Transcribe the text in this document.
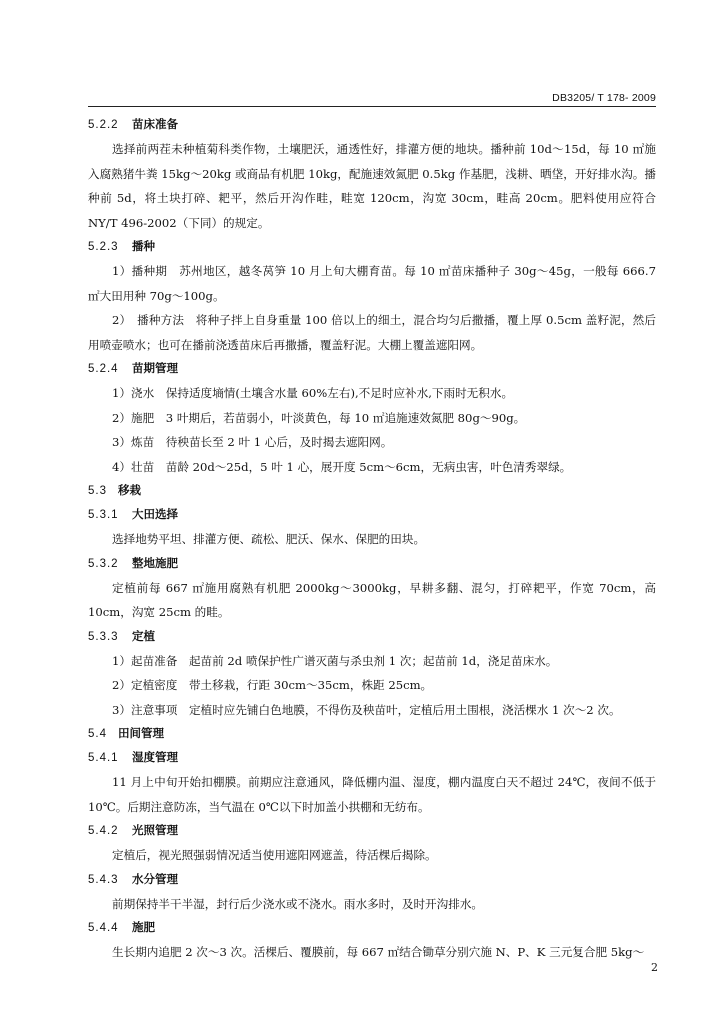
DB3205/ T 178- 2009
5.2.2	苗床准备

选择前两茬未种植菊科类作物，土壤肥沃，通透性好，排灌方便的地块。播种前 10d～15d，每 10 ㎡施入腐熟猪牛粪 15kg～20kg 或商品有机肥 10kg，配施速效氮肥 0.5kg 作基肥，浅耕、晒垡，开好排水沟。播种前 5d，将土块打碎、耙平，然后开沟作畦，畦宽 120cm，沟宽 30cm，畦高 20cm。肥料使用应符合 NY/T 496-2002（下同）的规定。

5.2.3	播种

1）播种期　苏州地区，越冬莴笋 10 月上旬大棚育苗。每 10 ㎡苗床播种子 30g～45g，一般每 666.7 ㎡大田用种 70g～100g。

2）　播种方法　将种子拌上自身重量 100 倍以上的细土，混合均匀后撒播，覆上厚 0.5cm 盖籽泥，然后用喷壶喷水；也可在播前浇透苗床后再撒播，覆盖籽泥。大棚上覆盖遮阳网。

5.2.4	苗期管理

1）浇水　保持适度墒情(土壤含水量 60%左右),不足时应补水,下雨时无积水。

2）施肥　3 叶期后，若苗弱小，叶淡黄色，每 10 ㎡追施速效氮肥 80g～90g。

3）炼苗　待秧苗长至 2 叶 1 心后，及时揭去遮阳网。

4）壮苗　苗龄 20d～25d，5 叶 1 心，展开度 5cm～6cm，无病虫害，叶色清秀翠绿。

5.3 移栽
5.3.1	大田选择

选择地势平坦、排灌方便、疏松、肥沃、保水、保肥的田块。

5.3.2	整地施肥

定植前每 667 ㎡施用腐熟有机肥 2000kg～3000kg，早耕多翻、混匀，打碎耙平，作宽 70cm，高 10cm，沟宽 25cm 的畦。

5.3.3	定植

1）起苗准备　起苗前 2d 喷保护性广谱灭菌与杀虫剂 1 次；起苗前 1d，浇足苗床水。

2）定植密度　带土移栽，行距 30cm～35cm，株距 25cm。

3）注意事项　定植时应先铺白色地膜，不得伤及秧苗叶，定植后用土围根，浇活棵水 1 次～2 次。

5.4 田间管理
5.4.1	湿度管理

11 月上中旬开始扣棚膜。前期应注意通风，降低棚内温、湿度，棚内温度白天不超过 24℃，夜间不低于 10℃。后期注意防冻，当气温在 0℃以下时加盖小拱棚和无纺布。

5.4.2	光照管理

定植后，视光照强弱情况适当使用遮阳网遮盖，待活棵后揭除。

5.4.3	水分管理

前期保持半干半湿，封行后少浇水或不浇水。雨水多时，及时开沟排水。

5.4.4	施肥

生长期内追肥 2 次～3 次。活棵后、覆膜前，每 667 ㎡结合锄草分别穴施 N、P、K 三元复合肥 5kg～

2
